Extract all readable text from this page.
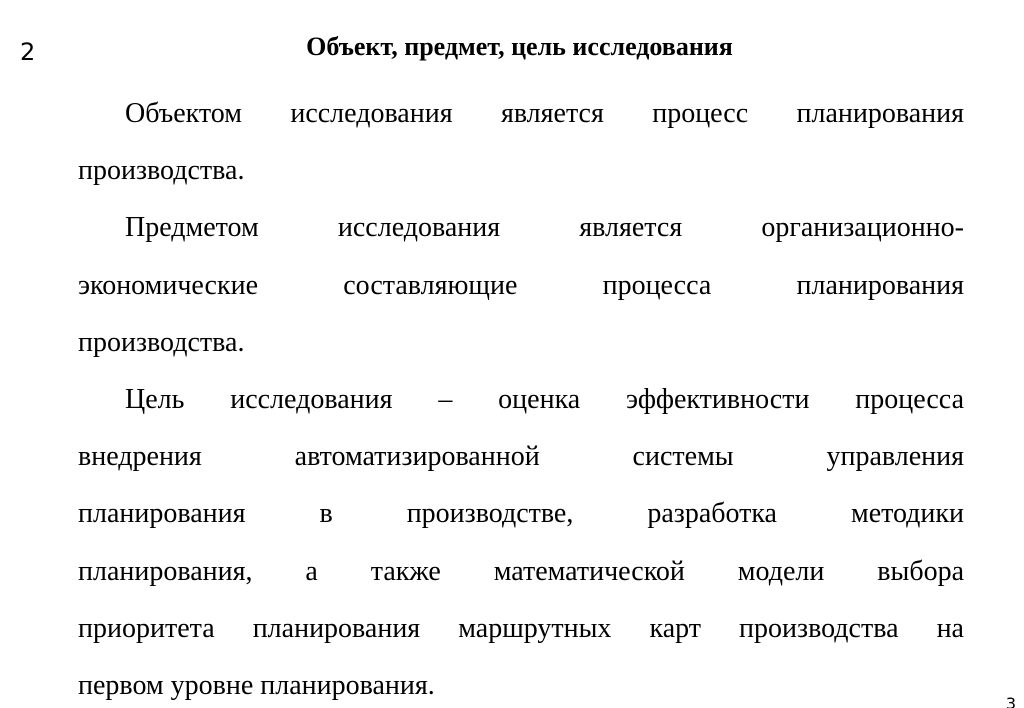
2	Объект, предмет, цель исследования
Объектом исследования является процесс планирования
производства.
Предметом исследования является организационно-
экономические составляющие процесса планирования
производства.
Цель исследования – оценка эффективности процесса
внедрения автоматизированной системы управления
планирования в производстве, разработка методики
планирования, а также математической модели выбора
приоритета планирования маршрутных карт производства на
первом уровне планирования.
3
